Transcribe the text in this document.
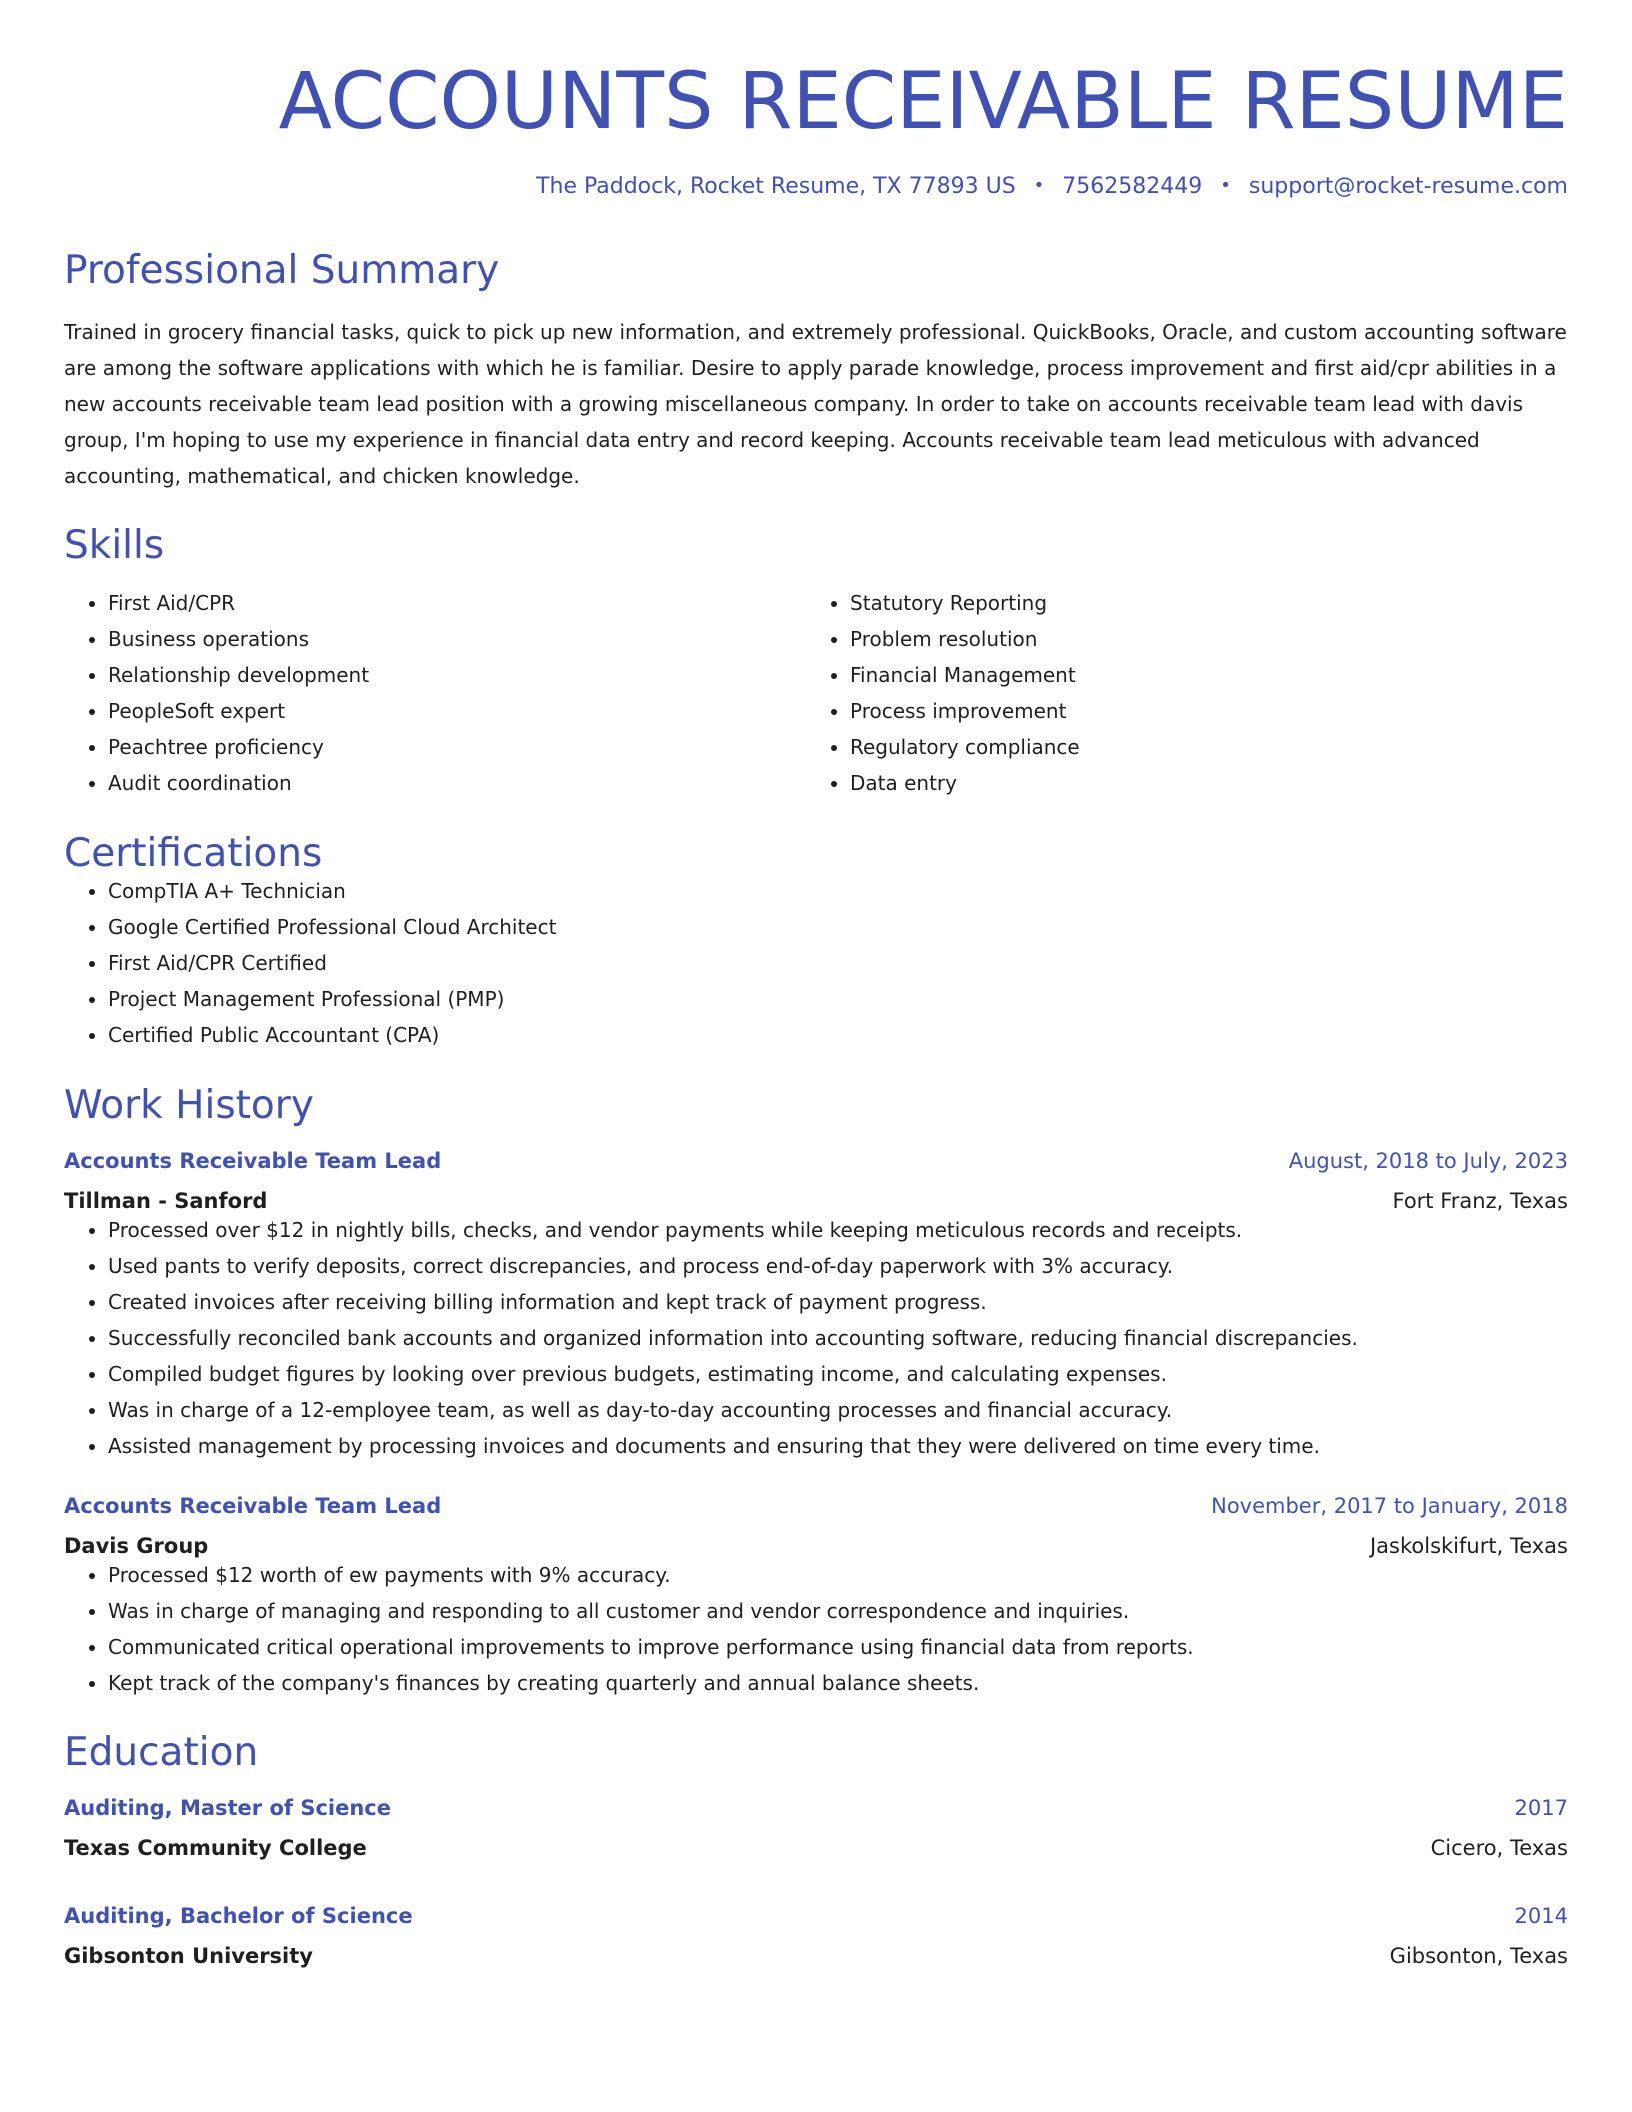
ACCOUNTS RECEIVABLE RESUME
The Paddock, Rocket Resume, TX 77893 US • 7562582449 • support@rocket-resume.com
Professional Summary
Trained in grocery financial tasks, quick to pick up new information, and extremely professional. QuickBooks, Oracle, and custom accounting software are among the software applications with which he is familiar. Desire to apply parade knowledge, process improvement and first aid/cpr abilities in a new accounts receivable team lead position with a growing miscellaneous company. In order to take on accounts receivable team lead with davis group, I'm hoping to use my experience in financial data entry and record keeping. Accounts receivable team lead meticulous with advanced accounting, mathematical, and chicken knowledge.
Skills
• First Aid/CPR
• Business operations
• Relationship development
• PeopleSoft expert
• Peachtree proficiency
• Audit coordination
• Statutory Reporting
• Problem resolution
• Financial Management
• Process improvement
• Regulatory compliance
• Data entry
Certifications
• CompTIA A+ Technician
• Google Certified Professional Cloud Architect
• First Aid/CPR Certified
• Project Management Professional (PMP)
• Certified Public Accountant (CPA)
Work History
Accounts Receivable Team Lead	August, 2018 to July, 2023
Tillman - Sanford	Fort Franz, Texas
• Processed over $12 in nightly bills, checks, and vendor payments while keeping meticulous records and receipts.
• Used pants to verify deposits, correct discrepancies, and process end-of-day paperwork with 3% accuracy.
• Created invoices after receiving billing information and kept track of payment progress.
• Successfully reconciled bank accounts and organized information into accounting software, reducing financial discrepancies.
• Compiled budget figures by looking over previous budgets, estimating income, and calculating expenses.
• Was in charge of a 12-employee team, as well as day-to-day accounting processes and financial accuracy.
• Assisted management by processing invoices and documents and ensuring that they were delivered on time every time.
Accounts Receivable Team Lead	November, 2017 to January, 2018
Davis Group	Jaskolskifurt, Texas
• Processed $12 worth of ew payments with 9% accuracy.
• Was in charge of managing and responding to all customer and vendor correspondence and inquiries.
• Communicated critical operational improvements to improve performance using financial data from reports.
• Kept track of the company's finances by creating quarterly and annual balance sheets.
Education
Auditing, Master of Science	2017
Texas Community College	Cicero, Texas
Auditing, Bachelor of Science	2014
Gibsonton University	Gibsonton, Texas
